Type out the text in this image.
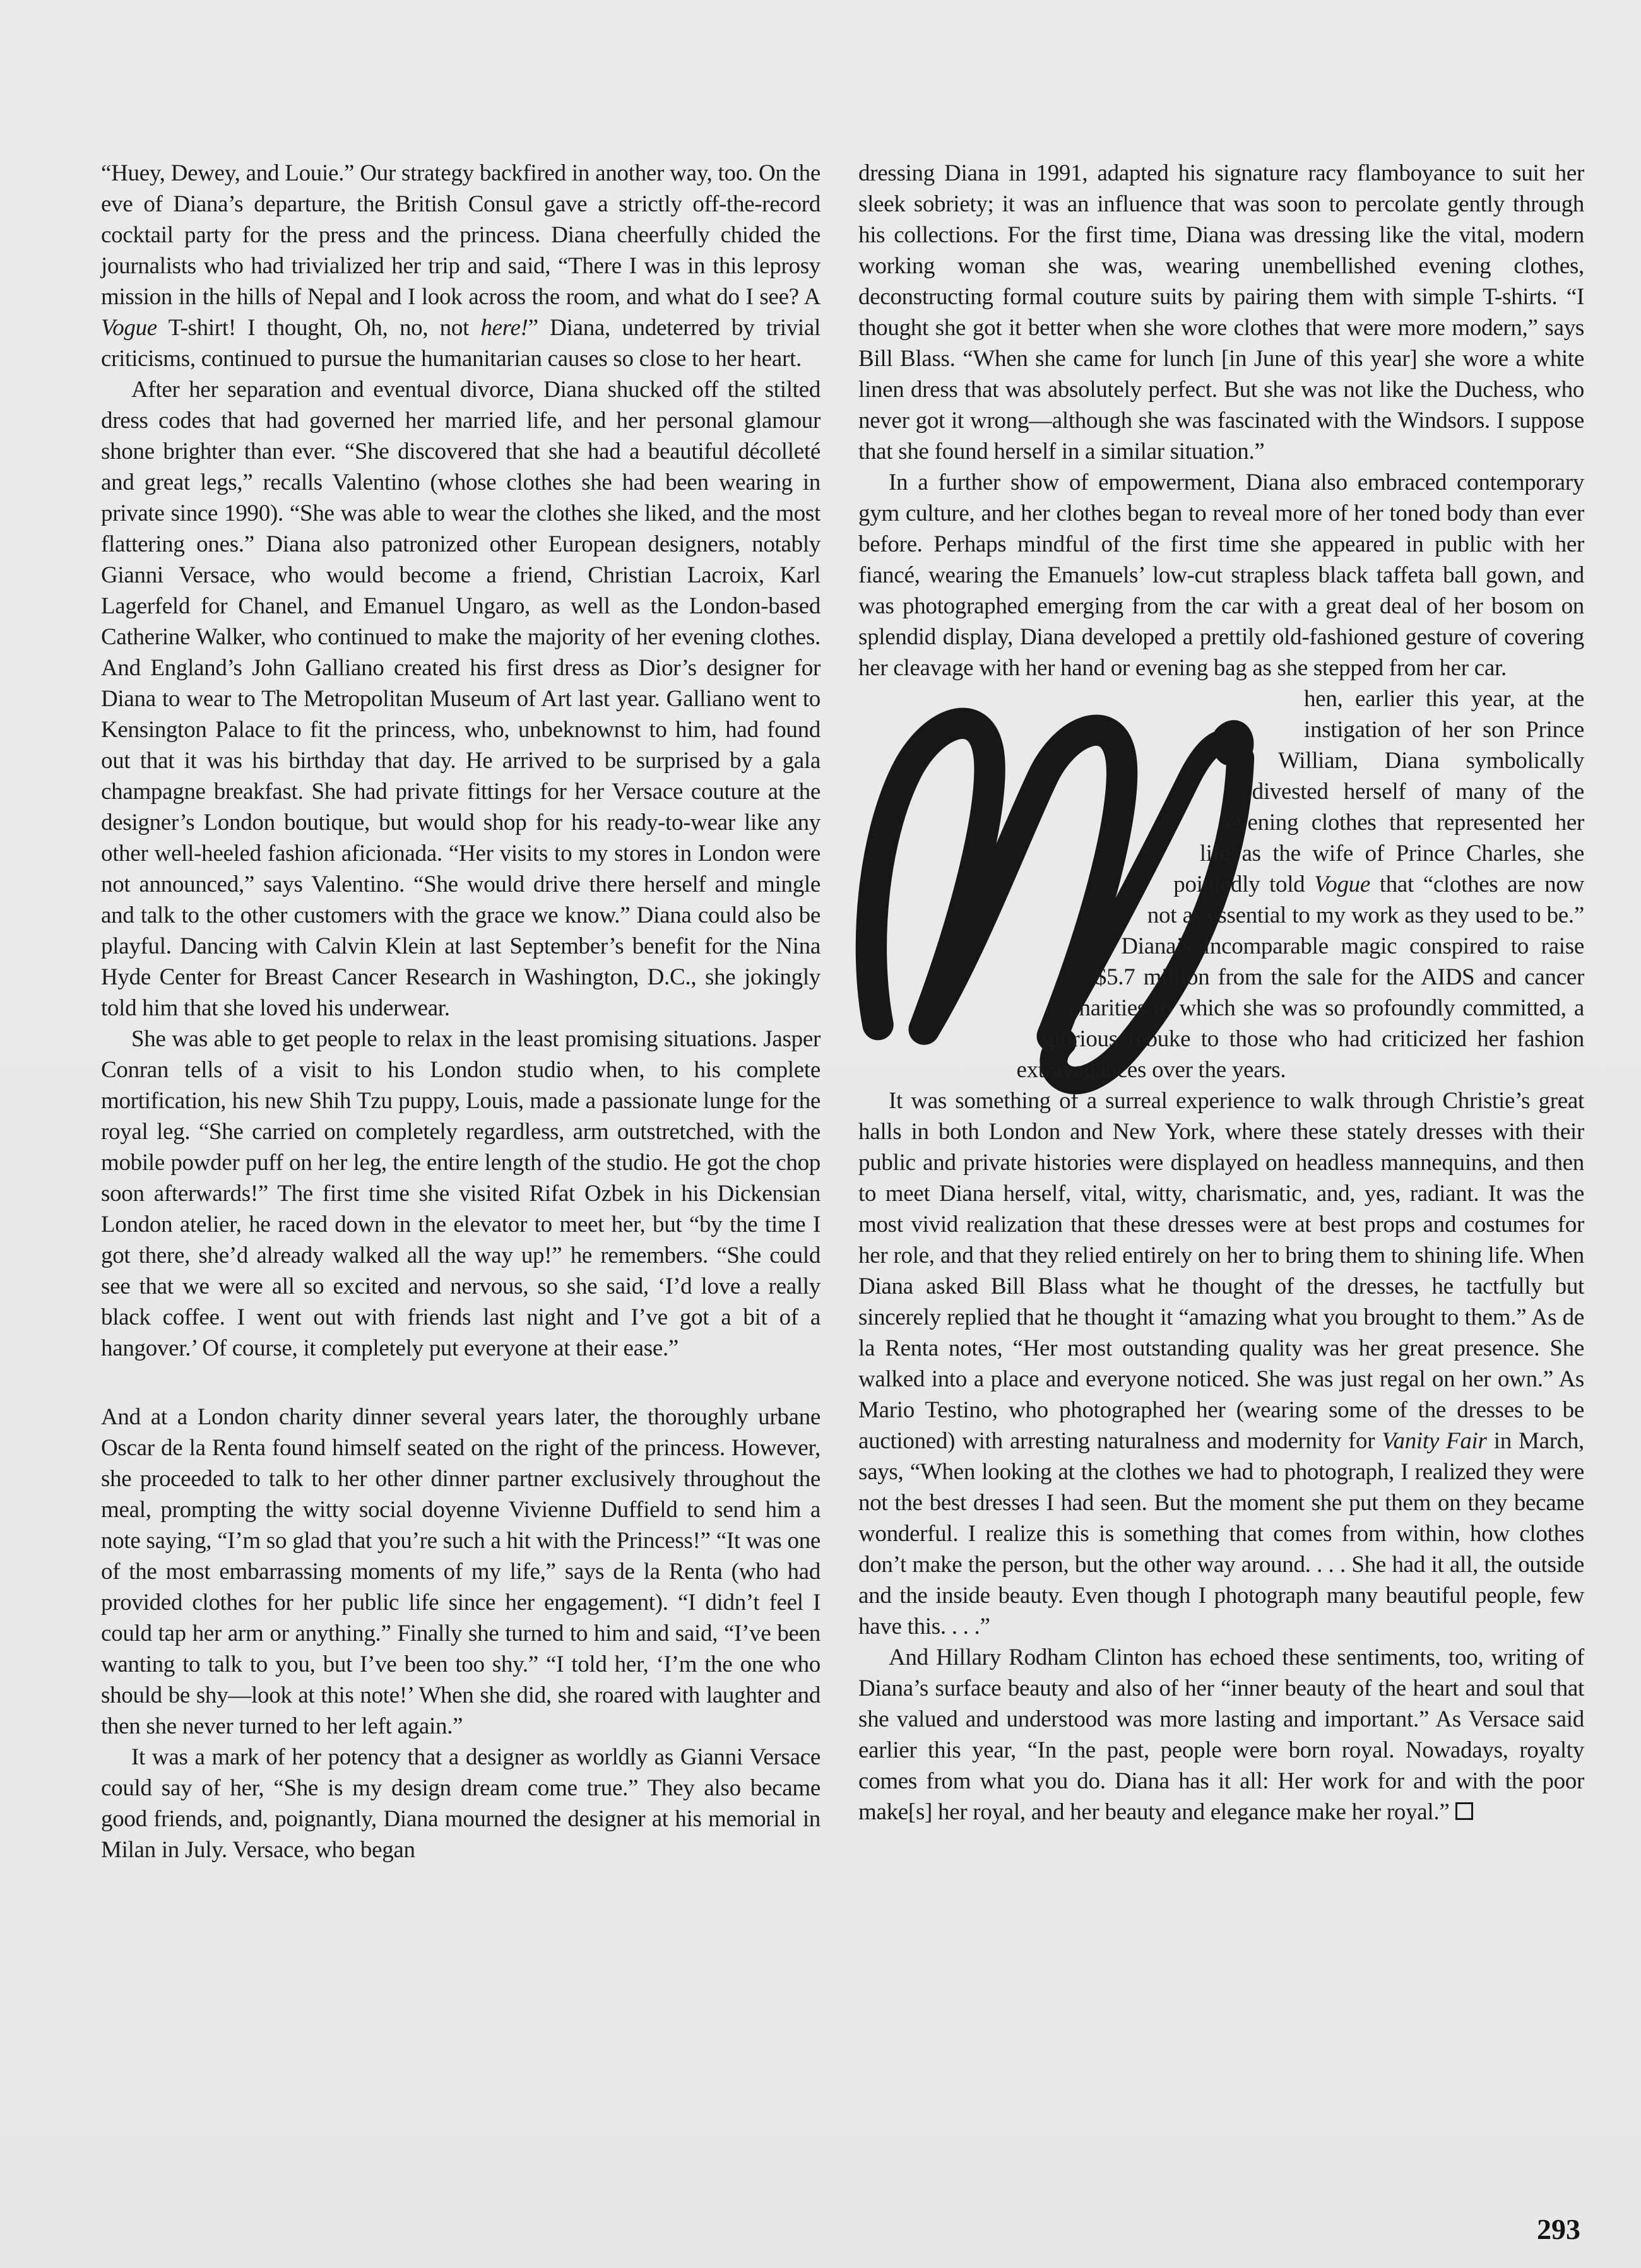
“Huey, Dewey, and Louie.” Our strategy backfired in another way, too. On the eve of Diana’s departure, the British Consul gave a strictly off-the-record cocktail party for the press and the princess. Diana cheerfully chided the journalists who had trivialized her trip and said, “There I was in this leprosy mission in the hills of Nepal and I look across the room, and what do I see? A Vogue T-shirt! I thought, Oh, no, not here!” Diana, undeterred by trivial criticisms, continued to pursue the humanitarian causes so close to her heart.

After her separation and eventual divorce, Diana shucked off the stilted dress codes that had governed her married life, and her personal glamour shone brighter than ever. “She discovered that she had a beautiful décolleté and great legs,” recalls Valentino (whose clothes she had been wearing in private since 1990). “She was able to wear the clothes she liked, and the most flattering ones.” Diana also patronized other European designers, notably Gianni Versace, who would become a friend, Christian Lacroix, Karl Lagerfeld for Chanel, and Emanuel Ungaro, as well as the London-based Catherine Walker, who continued to make the majority of her evening clothes. And England’s John Galliano created his first dress as Dior’s designer for Diana to wear to The Metropolitan Museum of Art last year. Galliano went to Kensington Palace to fit the princess, who, unbeknownst to him, had found out that it was his birthday that day. He arrived to be surprised by a gala champagne breakfast. She had private fittings for her Versace couture at the designer’s London boutique, but would shop for his ready-to-wear like any other well-heeled fashion aficionada. “Her visits to my stores in London were not announced,” says Valentino. “She would drive there herself and mingle and talk to the other customers with the grace we know.” Diana could also be playful. Dancing with Calvin Klein at last September’s benefit for the Nina Hyde Center for Breast Cancer Research in Washington, D.C., she jokingly told him that she loved his underwear.

She was able to get people to relax in the least promising situations. Jasper Conran tells of a visit to his London studio when, to his complete mortification, his new Shih Tzu puppy, Louis, made a passionate lunge for the royal leg. “She carried on completely regardless, arm outstretched, with the mobile powder puff on her leg, the entire length of the studio. He got the chop soon afterwards!” The first time she visited Rifat Ozbek in his Dickensian London atelier, he raced down in the elevator to meet her, but “by the time I got there, she’d already walked all the way up!” he remembers. “She could see that we were all so excited and nervous, so she said, ‘I’d love a really black coffee. I went out with friends last night and I’ve got a bit of a hangover.’ Of course, it completely put everyone at their ease.”

And at a London charity dinner several years later, the thoroughly urbane Oscar de la Renta found himself seated on the right of the princess. However, she proceeded to talk to her other dinner partner exclusively throughout the meal, prompting the witty social doyenne Vivienne Duffield to send him a note saying, “I’m so glad that you’re such a hit with the Princess!” “It was one of the most embarrassing moments of my life,” says de la Renta (who had provided clothes for her public life since her engagement). “I didn’t feel I could tap her arm or anything.” Finally she turned to him and said, “I’ve been wanting to talk to you, but I’ve been too shy.” “I told her, ‘I’m the one who should be shy—look at this note!’ When she did, she roared with laughter and then she never turned to her left again.”

It was a mark of her potency that a designer as worldly as Gianni Versace could say of her, “She is my design dream come true.” They also became good friends, and, poignantly, Diana mourned the designer at his memorial in Milan in July. Versace, who began

dressing Diana in 1991, adapted his signature racy flamboyance to suit her sleek sobriety; it was an influence that was soon to percolate gently through his collections. For the first time, Diana was dressing like the vital, modern working woman she was, wearing unembellished evening clothes, deconstructing formal couture suits by pairing them with simple T-shirts. “I thought she got it better when she wore clothes that were more modern,” says Bill Blass. “When she came for lunch [in June of this year] she wore a white linen dress that was absolutely perfect. But she was not like the Duchess, who never got it wrong—although she was fascinated with the Windsors. I suppose that she found herself in a similar situation.”

In a further show of empowerment, Diana also embraced contemporary gym culture, and her clothes began to reveal more of her toned body than ever before. Perhaps mindful of the first time she appeared in public with her fiancé, wearing the Emanuels’ low-cut strapless black taffeta ball gown, and was photographed emerging from the car with a great deal of her bosom on splendid display, Diana developed a prettily old-fashioned gesture of covering her cleavage with her hand or evening bag as she stepped from her car.

hen, earlier this year, at the instigation of her son Prince William, Diana symbolically divested herself of many of the evening clothes that represented her life as the wife of Prince Charles, she pointedly told Vogue that “clothes are now not as essential to my work as they used to be.” Diana’s incomparable magic conspired to raise $5.7 million from the sale for the AIDS and cancer charities to which she was so profoundly committed, a glorious rebuke to those who had criticized her fashion extravagances over the years.

It was something of a surreal experience to walk through Christie’s great halls in both London and New York, where these stately dresses with their public and private histories were displayed on headless mannequins, and then to meet Diana herself, vital, witty, charismatic, and, yes, radiant. It was the most vivid realization that these dresses were at best props and costumes for her role, and that they relied entirely on her to bring them to shining life. When Diana asked Bill Blass what he thought of the dresses, he tactfully but sincerely replied that he thought it “amazing what you brought to them.” As de la Renta notes, “Her most outstanding quality was her great presence. She walked into a place and everyone noticed. She was just regal on her own.” As Mario Testino, who photographed her (wearing some of the dresses to be auctioned) with arresting naturalness and modernity for Vanity Fair in March, says, “When looking at the clothes we had to photograph, I realized they were not the best dresses I had seen. But the moment she put them on they became wonderful. I realize this is something that comes from within, how clothes don’t make the person, but the other way around. . . . She had it all, the outside and the inside beauty. Even though I photograph many beautiful people, few have this. . . .”

And Hillary Rodham Clinton has echoed these sentiments, too, writing of Diana’s surface beauty and also of her “inner beauty of the heart and soul that she valued and understood was more lasting and important.” As Versace said earlier this year, “In the past, people were born royal. Nowadays, royalty comes from what you do. Diana has it all: Her work for and with the poor make[s] her royal, and her beauty and elegance make her royal.”

293
